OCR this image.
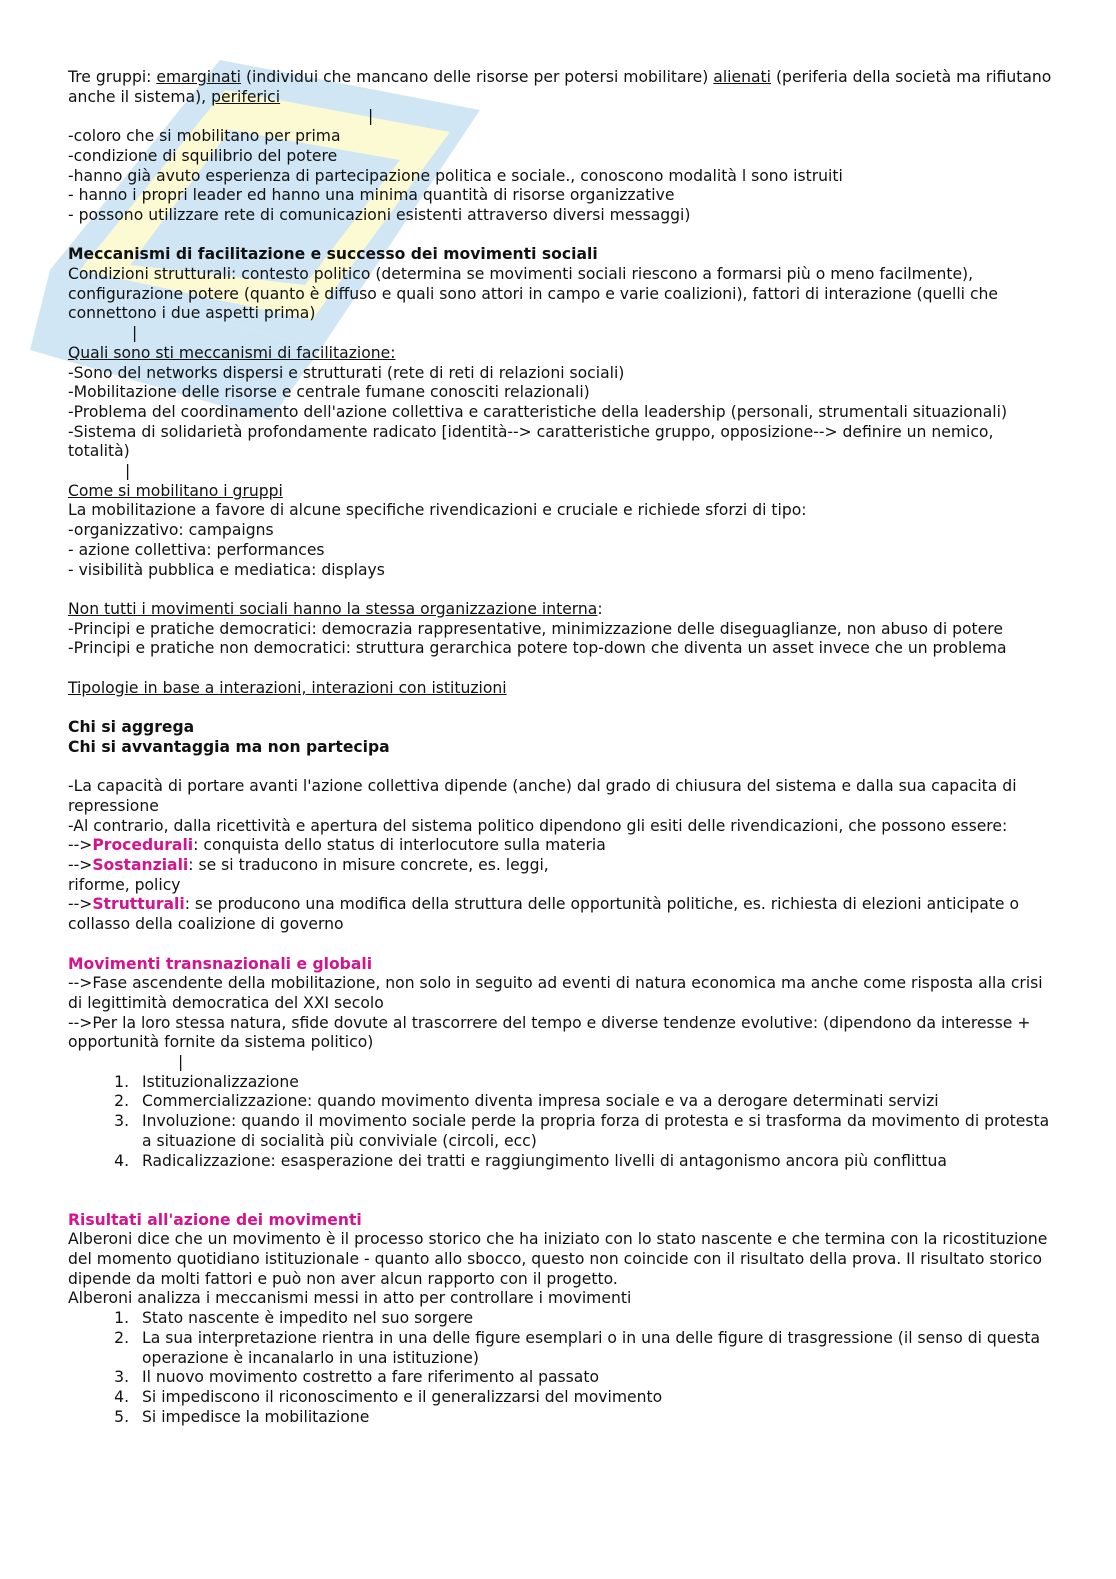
Tre gruppi: emarginati (individui che mancano delle risorse per potersi mobilitare) alienati (periferia della società ma rifiutano anche il sistema), periferici

|
-coloro che si mobilitano per prima
-condizione di squilibrio del potere
-hanno già avuto esperienza di partecipazione politica e sociale., conoscono modalità l sono istruiti
- hanno i propri leader ed hanno una minima quantità di risorse organizzative
- possono utilizzare rete di comunicazioni esistenti attraverso diversi messaggi)
Meccanismi di facilitazione e successo dei movimenti sociali

Condizioni strutturali: contesto politico (determina se movimenti sociali riescono a formarsi più o meno facilmente), configurazione potere (quanto è diffuso e quali sono attori in campo e varie coalizioni), fattori di interazione (quelli che connettono i due aspetti prima)

|
Quali sono sti meccanismi di facilitazione:
-Sono del networks dispersi e strutturati (rete di reti di relazioni sociali)
-Mobilitazione delle risorse e centrale fumane conosciti relazionali)
-Problema del coordinamento dell'azione collettiva e caratteristiche della leadership (personali, strumentali situazionali)
-Sistema di solidarietà profondamente radicato [identità--> caratteristiche gruppo, opposizione--> definire un nemico, totalità)
|
Come si mobilitano i gruppi

La mobilitazione a favore di alcune specifiche rivendicazioni e cruciale e richiede sforzi di tipo:

-organizzativo: campaigns
- azione collettiva: performances
- visibilità pubblica e mediatica: displays
Non tutti i movimenti sociali hanno la stessa organizzazione interna:

-Principi e pratiche democratici: democrazia rappresentative, minimizzazione delle diseguaglianze, non abuso di potere

-Principi e pratiche non democratici: struttura gerarchica potere top-down che diventa un asset invece che un problema

Tipologie in base a interazioni, interazioni con istituzioni
Chi si aggrega
Chi si avvantaggia ma non partecipa

-La capacità di portare avanti l'azione collettiva dipende (anche) dal grado di chiusura del sistema e dalla sua capacita di repressione

-Al contrario, dalla ricettività e apertura del sistema politico dipendono gli esiti delle rivendicazioni, che possono essere:

-->Procedurali: conquista dello status di interlocutore sulla materia
-->Sostanziali: se si traducono in misure concrete, es. leggi,
riforme, policy

-->Strutturali: se producono una modifica della struttura delle opportunità politiche, es. richiesta di elezioni anticipate o collasso della coalizione di governo

Movimenti transnazionali e globali

-->Fase ascendente della mobilitazione, non solo in seguito ad eventi di natura economica ma anche come risposta alla crisi di legittimità democratica del XXI secolo

-->Per la loro stessa natura, sfide dovute al trascorrere del tempo e diverse tendenze evolutive: (dipendono da interesse + opportunità fornite da sistema politico)

|
1. Istituzionalizzazione
2. Commercializzazione: quando movimento diventa impresa sociale e va a derogare determinati servizi
3. Involuzione: quando il movimento sociale perde la propria forza di protesta e si trasforma da movimento di protesta a situazione di socialità più conviviale (circoli, ecc)
4. Radicalizzazione: esasperazione dei tratti e raggiungimento livelli di antagonismo ancora più conflittua
Risultati all'azione dei movimenti

Alberoni dice che un movimento è il processo storico che ha iniziato con lo stato nascente e che termina con la ricostituzione del momento quotidiano istituzionale - quanto allo sbocco, questo non coincide con il risultato della prova. Il risultato storico dipende da molti fattori e può non aver alcun rapporto con il progetto.

Alberoni analizza i meccanismi messi in atto per controllare i movimenti

1. Stato nascente è impedito nel suo sorgere
2. La sua interpretazione rientra in una delle figure esemplari o in una delle figure di trasgressione (il senso di questa operazione è incanalarlo in una istituzione)
3. Il nuovo movimento costretto a fare riferimento al passato
4. Si impediscono il riconoscimento e il generalizzarsi del movimento
5. Si impedisce la mobilitazione
